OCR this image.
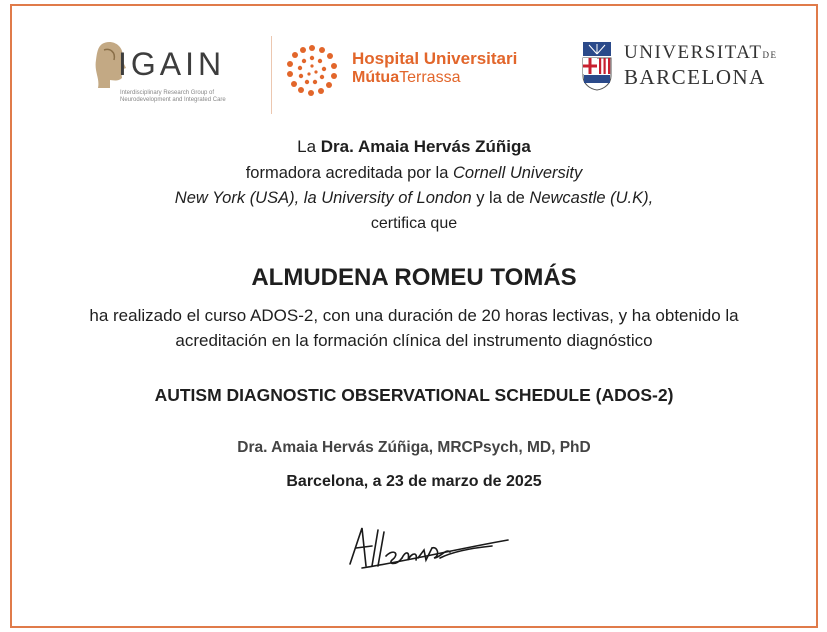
IGAIN
Interdisciplinary Research Group of
Neurodevelopment and Integrated Care
Hospital Universitari
MútuaTerrassa
UNIVERSITATDE
BARCELONA
La Dra. Amaia Hervás Zúñiga
formadora acreditada por la Cornell University
New York (USA), la University of London y la de Newcastle (U.K),
certifica que
ALMUDENA ROMEU TOMÁS
ha realizado el curso ADOS-2, con una duración de 20 horas lectivas, y ha obtenido la
acreditación en la formación clínica del instrumento diagnóstico
AUTISM DIAGNOSTIC OBSERVATIONAL SCHEDULE (ADOS-2)
Dra. Amaia Hervás Zúñiga, MRCPsych, MD, PhD
Barcelona, a 23 de marzo de 2025
